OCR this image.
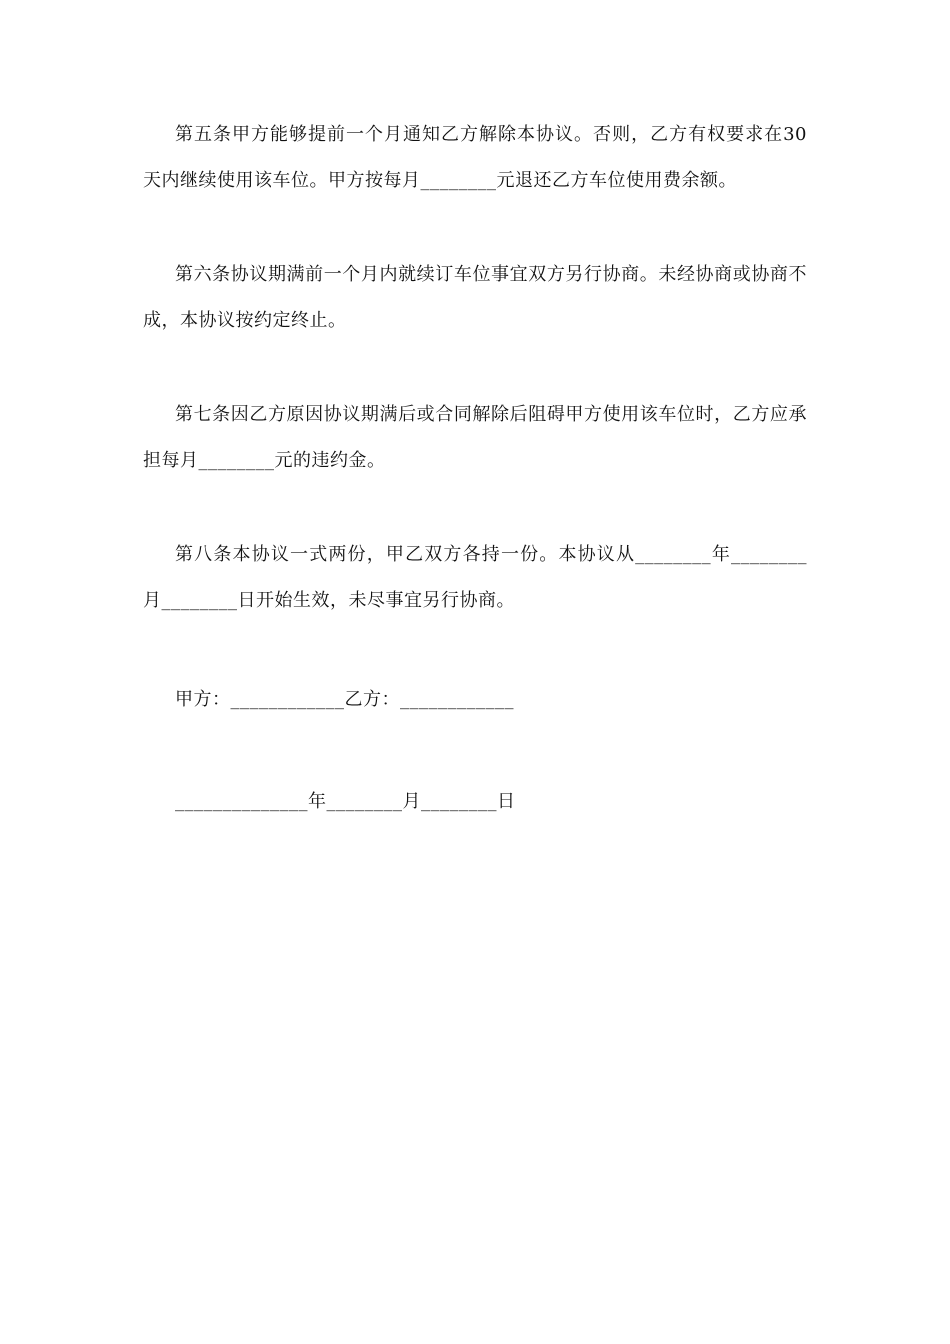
第五条甲方能够提前一个月通知乙方解除本协议。否则，乙方有权要求在30天内继续使用该车位。甲方按每月________元退还乙方车位使用费余额。

第六条协议期满前一个月内就续订车位事宜双方另行协商。未经协商或协商不成，本协议按约定终止。

第七条因乙方原因协议期满后或合同解除后阻碍甲方使用该车位时，乙方应承担每月________元的违约金。

第八条本协议一式两份，甲乙双方各持一份。本协议从________年________月________日开始生效，未尽事宜另行协商。

甲方：____________乙方：____________

______________年________月________日
